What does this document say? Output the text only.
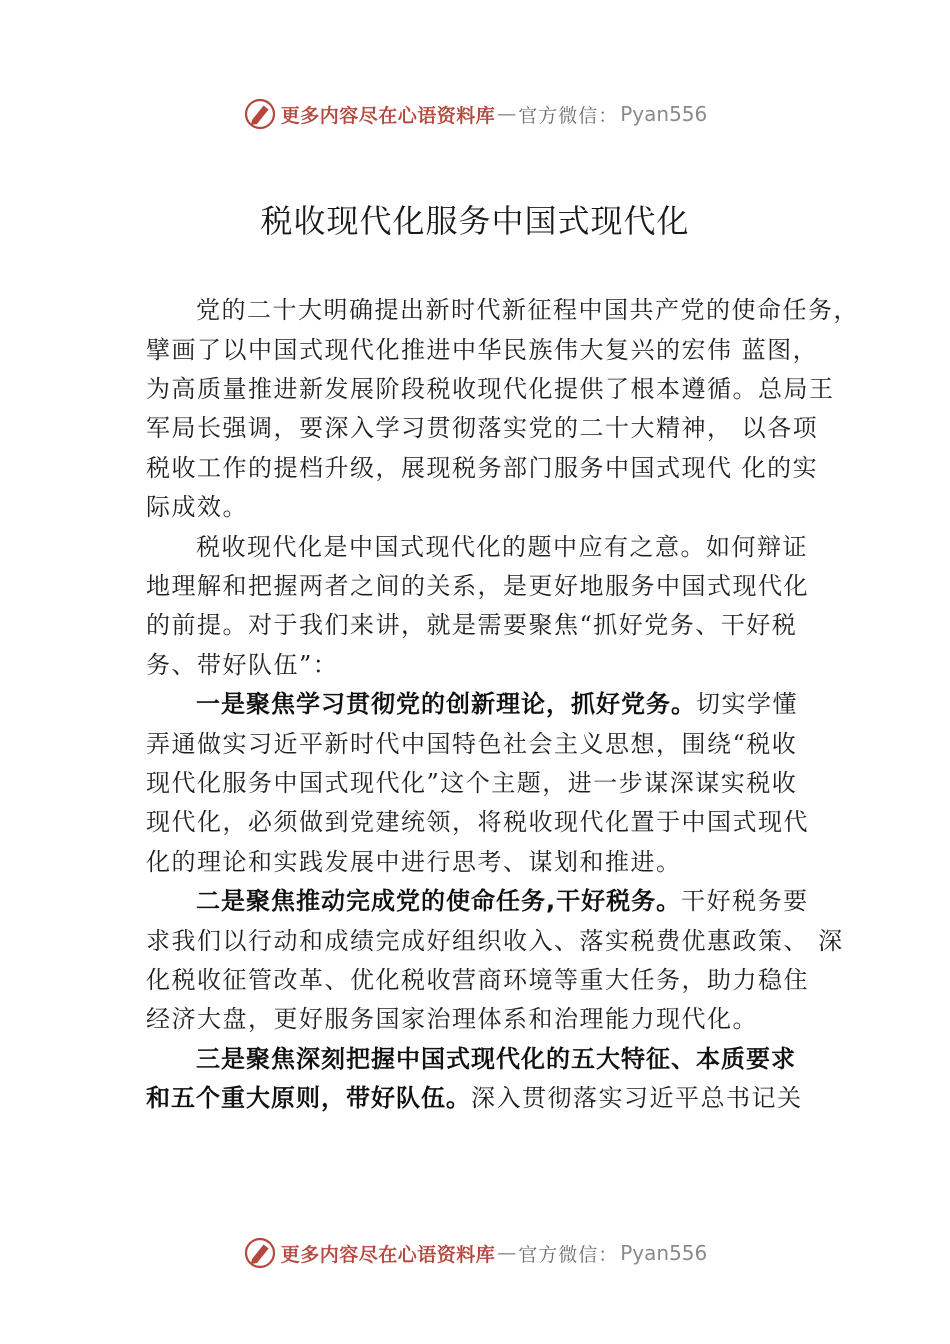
更多内容尽在心语资料库 — 官方微信： Pyan556
税收现代化服务中国式现代化
党的二十大明确提出新时代新征程中国共产党的使命任务，
擘画了以中国式现代化推进中华民族伟大复兴的宏伟 蓝图，
为高质量推进新发展阶段税收现代化提供了根本遵循。总局王
军局长强调，要深入学习贯彻落实党的二十大精神， 以各项
税收工作的提档升级，展现税务部门服务中国式现代 化的实
际成效。
税收现代化是中国式现代化的题中应有之意。如何辩证
地理解和把握两者之间的关系，是更好地服务中国式现代化
的前提。对于我们来讲，就是需要聚焦“抓好党务、干好税
务、带好队伍”：
一是聚焦学习贯彻党的创新理论，抓好党务。切实学懂
弄通做实习近平新时代中国特色社会主义思想，围绕“税收
现代化服务中国式现代化”这个主题，进一步谋深谋实税收
现代化，必须做到党建统领，将税收现代化置于中国式现代
化的理论和实践发展中进行思考、谋划和推进。
二是聚焦推动完成党的使命任务,干好税务。干好税务要
求我们以行动和成绩完成好组织收入、落实税费优惠政策、 深
化税收征管改革、优化税收营商环境等重大任务，助力稳住
经济大盘，更好服务国家治理体系和治理能力现代化。
三是聚焦深刻把握中国式现代化的五大特征、本质要求
和五个重大原则，带好队伍。深入贯彻落实习近平总书记关
更多内容尽在心语资料库 — 官方微信： Pyan556
